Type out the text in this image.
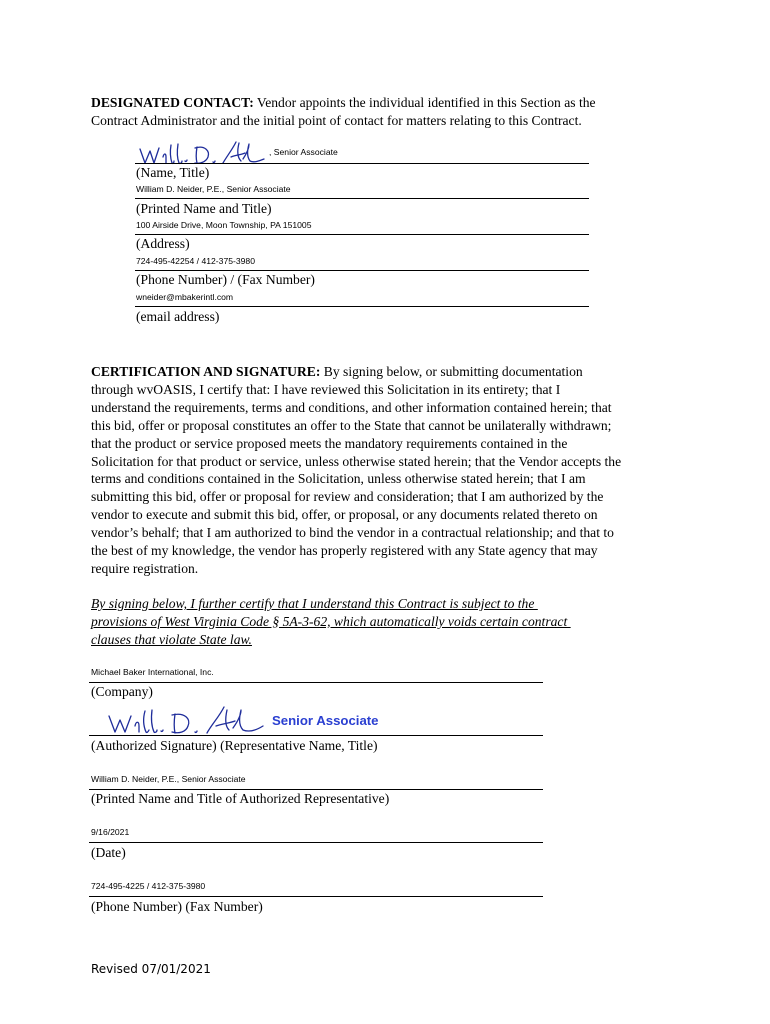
DESIGNATED CONTACT: Vendor appoints the individual identified in this Section as the
Contract Administrator and the initial point of contact for matters relating to this Contract.
, Senior Associate
(Name, Title)
William D. Neider, P.E., Senior Associate
(Printed Name and Title)
100 Airside Drive, Moon Township, PA 151005
(Address)
724-495-42254 / 412-375-3980
(Phone Number) / (Fax Number)
wneider@mbakerintl.com
(email address)
CERTIFICATION AND SIGNATURE: By signing below, or submitting documentation
through wvOASIS, I certify that: I have reviewed this Solicitation in its entirety; that I
understand the requirements, terms and conditions, and other information contained herein; that
this bid, offer or proposal constitutes an offer to the State that cannot be unilaterally withdrawn;
that the product or service proposed meets the mandatory requirements contained in the
Solicitation for that product or service, unless otherwise stated herein; that the Vendor accepts the
terms and conditions contained in the Solicitation, unless otherwise stated herein; that I am
submitting this bid, offer or proposal for review and consideration; that I am authorized by the
vendor to execute and submit this bid, offer, or proposal, or any documents related thereto on
vendor’s behalf; that I am authorized to bind the vendor in a contractual relationship; and that to
the best of my knowledge, the vendor has properly registered with any State agency that may
require registration.
By signing below, I further certify that I understand this Contract is subject to the
provisions of West Virginia Code § 5A-3-62, which automatically voids certain contract
clauses that violate State law.
Michael Baker International, Inc.
(Company)
Senior Associate
(Authorized Signature) (Representative Name, Title)
William D. Neider, P.E., Senior Associate
(Printed Name and Title of Authorized Representative)
9/16/2021
(Date)
724-495-4225 / 412-375-3980
(Phone Number) (Fax Number)
Revised 07/01/2021
